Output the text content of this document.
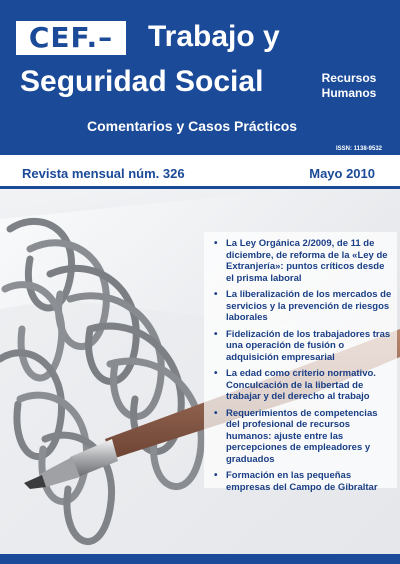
CEF.–	Trabajo y
Seguridad Social	Recursos
Humanos
Comentarios y Casos Prácticos
ISSN: 1138-9532
Revista mensual núm. 326	Mayo 2010
• La Ley Orgánica 2/2009, de 11 de diciembre, de reforma de la «Ley de Extranjería»: puntos críticos desde el prisma laboral
• La liberalización de los mercados de servicios y la prevención de riesgos laborales
• Fidelización de los trabajadores tras una operación de fusión o adquisición empresarial
• La edad como criterio normativo. Conculcación de la libertad de trabajar y del derecho al trabajo
• Requerimientos de competencias del profesional de recursos humanos: ajuste entre las percepciones de empleadores y graduados
• Formación en las pequeñas empresas del Campo de Gibraltar
